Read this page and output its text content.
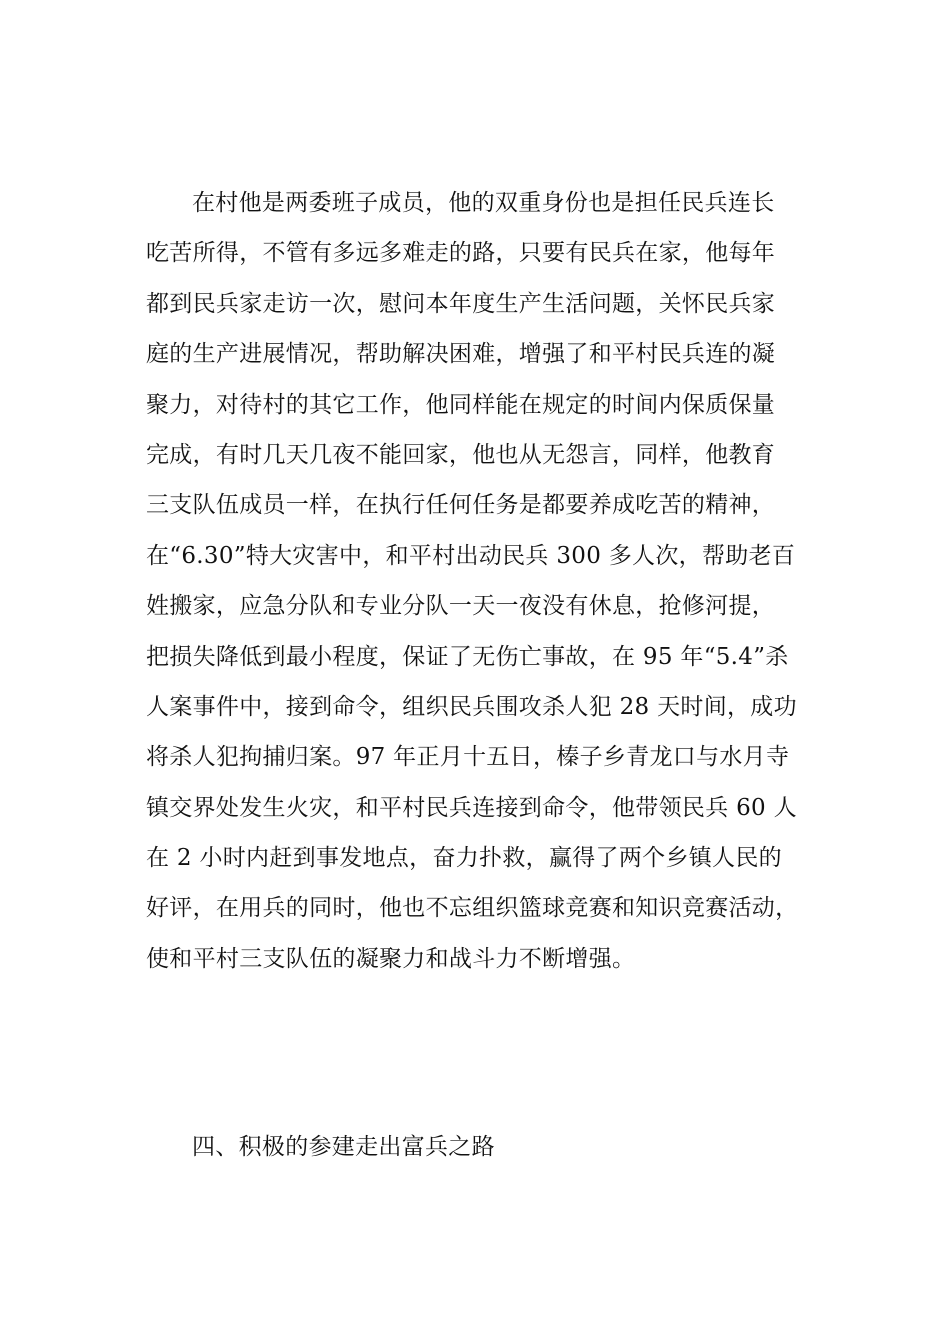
在村他是两委班子成员，他的双重身份也是担任民兵连长
吃苦所得，不管有多远多难走的路，只要有民兵在家，他每年
都到民兵家走访一次，慰问本年度生产生活问题，关怀民兵家
庭的生产进展情况，帮助解决困难，增强了和平村民兵连的凝
聚力，对待村的其它工作，他同样能在规定的时间内保质保量
完成，有时几天几夜不能回家，他也从无怨言，同样，他教育
三支队伍成员一样，在执行任何任务是都要养成吃苦的精神，
在“6.30”特大灾害中，和平村出动民兵 300 多人次，帮助老百
姓搬家，应急分队和专业分队一天一夜没有休息，抢修河提，
把损失降低到最小程度，保证了无伤亡事故，在 95 年“5.4”杀
人案事件中，接到命令，组织民兵围攻杀人犯 28 天时间，成功
将杀人犯拘捕归案。97 年正月十五日，榛子乡青龙口与水月寺
镇交界处发生火灾，和平村民兵连接到命令，他带领民兵 60 人
在 2 小时内赶到事发地点，奋力扑救，赢得了两个乡镇人民的
好评，在用兵的同时，他也不忘组织篮球竞赛和知识竞赛活动，
使和平村三支队伍的凝聚力和战斗力不断增强。
四、积极的参建走出富兵之路
